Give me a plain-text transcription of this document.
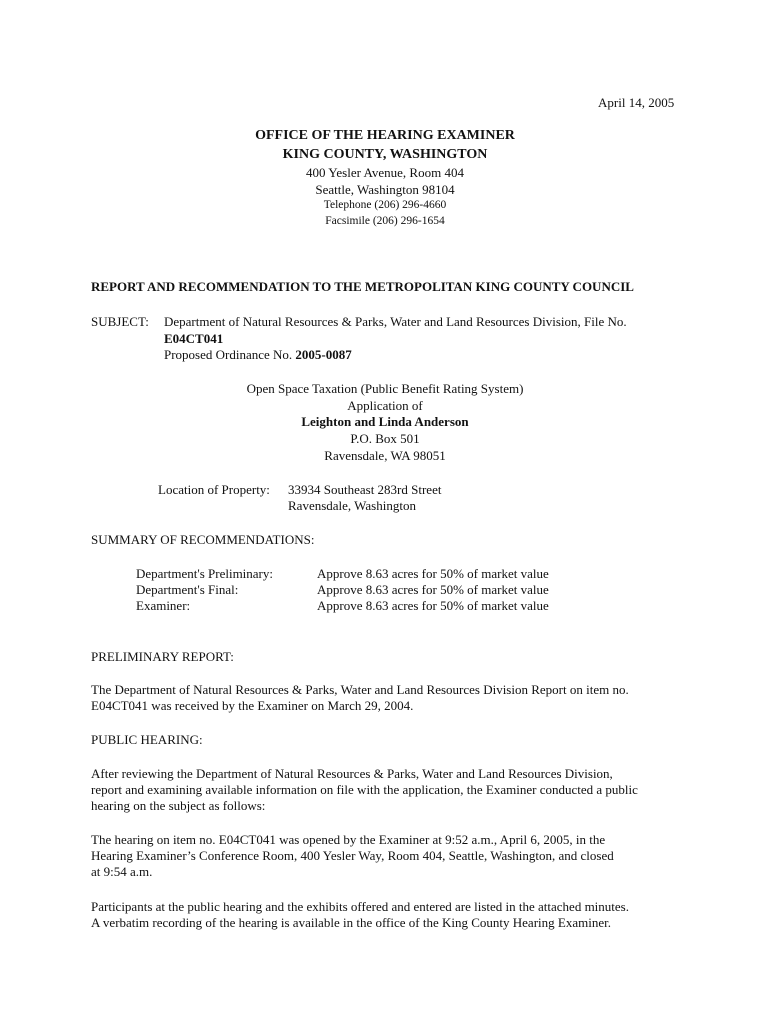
April 14, 2005
OFFICE OF THE HEARING EXAMINER
KING COUNTY, WASHINGTON
400 Yesler Avenue, Room 404
Seattle, Washington 98104
Telephone (206) 296-4660
Facsimile (206) 296-1654
REPORT AND RECOMMENDATION TO THE METROPOLITAN KING COUNTY COUNCIL
SUBJECT: Department of Natural Resources & Parks, Water and Land Resources Division, File No.
E04CT041
Proposed Ordinance No. 2005-0087
Open Space Taxation (Public Benefit Rating System)
Application of
Leighton and Linda Anderson
P.O. Box 501
Ravensdale, WA 98051
Location of Property: 33934 Southeast 283rd Street
Ravensdale, Washington
SUMMARY OF RECOMMENDATIONS:
Department's Preliminary:	Approve 8.63 acres for 50% of market value
Department's Final:	Approve 8.63 acres for 50% of market value
Examiner:	Approve 8.63 acres for 50% of market value
PRELIMINARY REPORT:
The Department of Natural Resources & Parks, Water and Land Resources Division Report on item no.
E04CT041 was received by the Examiner on March 29, 2004.
PUBLIC HEARING:
After reviewing the Department of Natural Resources & Parks, Water and Land Resources Division,
report and examining available information on file with the application, the Examiner conducted a public
hearing on the subject as follows:
The hearing on item no. E04CT041 was opened by the Examiner at 9:52 a.m., April 6, 2005, in the
Hearing Examiner’s Conference Room, 400 Yesler Way, Room 404, Seattle, Washington, and closed
at 9:54 a.m.
Participants at the public hearing and the exhibits offered and entered are listed in the attached minutes.
A verbatim recording of the hearing is available in the office of the King County Hearing Examiner.
